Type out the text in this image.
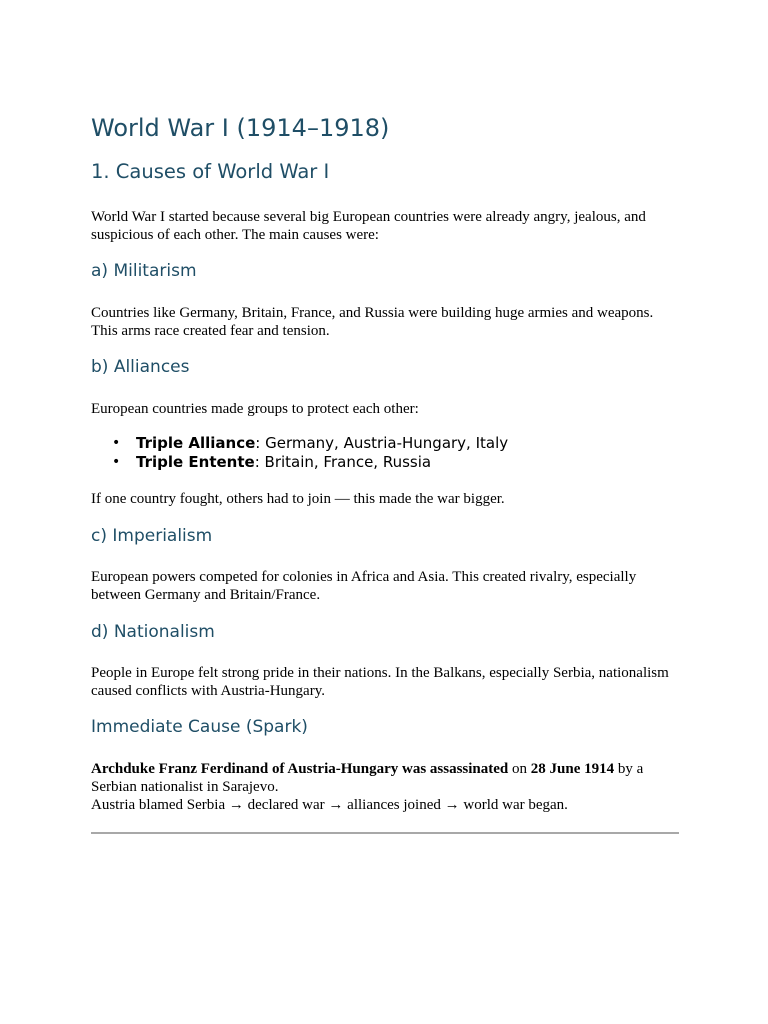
World War I (1914–1918)
1. Causes of World War I

World War I started because several big European countries were already angry, jealous, and suspicious of each other. The main causes were:

a) Militarism

Countries like Germany, Britain, France, and Russia were building huge armies and weapons. This arms race created fear and tension.

b) Alliances

European countries made groups to protect each other:

• Triple Alliance: Germany, Austria-Hungary, Italy
• Triple Entente: Britain, France, Russia

If one country fought, others had to join — this made the war bigger.

c) Imperialism

European powers competed for colonies in Africa and Asia. This created rivalry, especially between Germany and Britain/France.

d) Nationalism

People in Europe felt strong pride in their nations. In the Balkans, especially Serbia, nationalism caused conflicts with Austria-Hungary.

Immediate Cause (Spark)

Archduke Franz Ferdinand of Austria-Hungary was assassinated on 28 June 1914 by a Serbian nationalist in Sarajevo.

Austria blamed Serbia → declared war → alliances joined → world war began.
